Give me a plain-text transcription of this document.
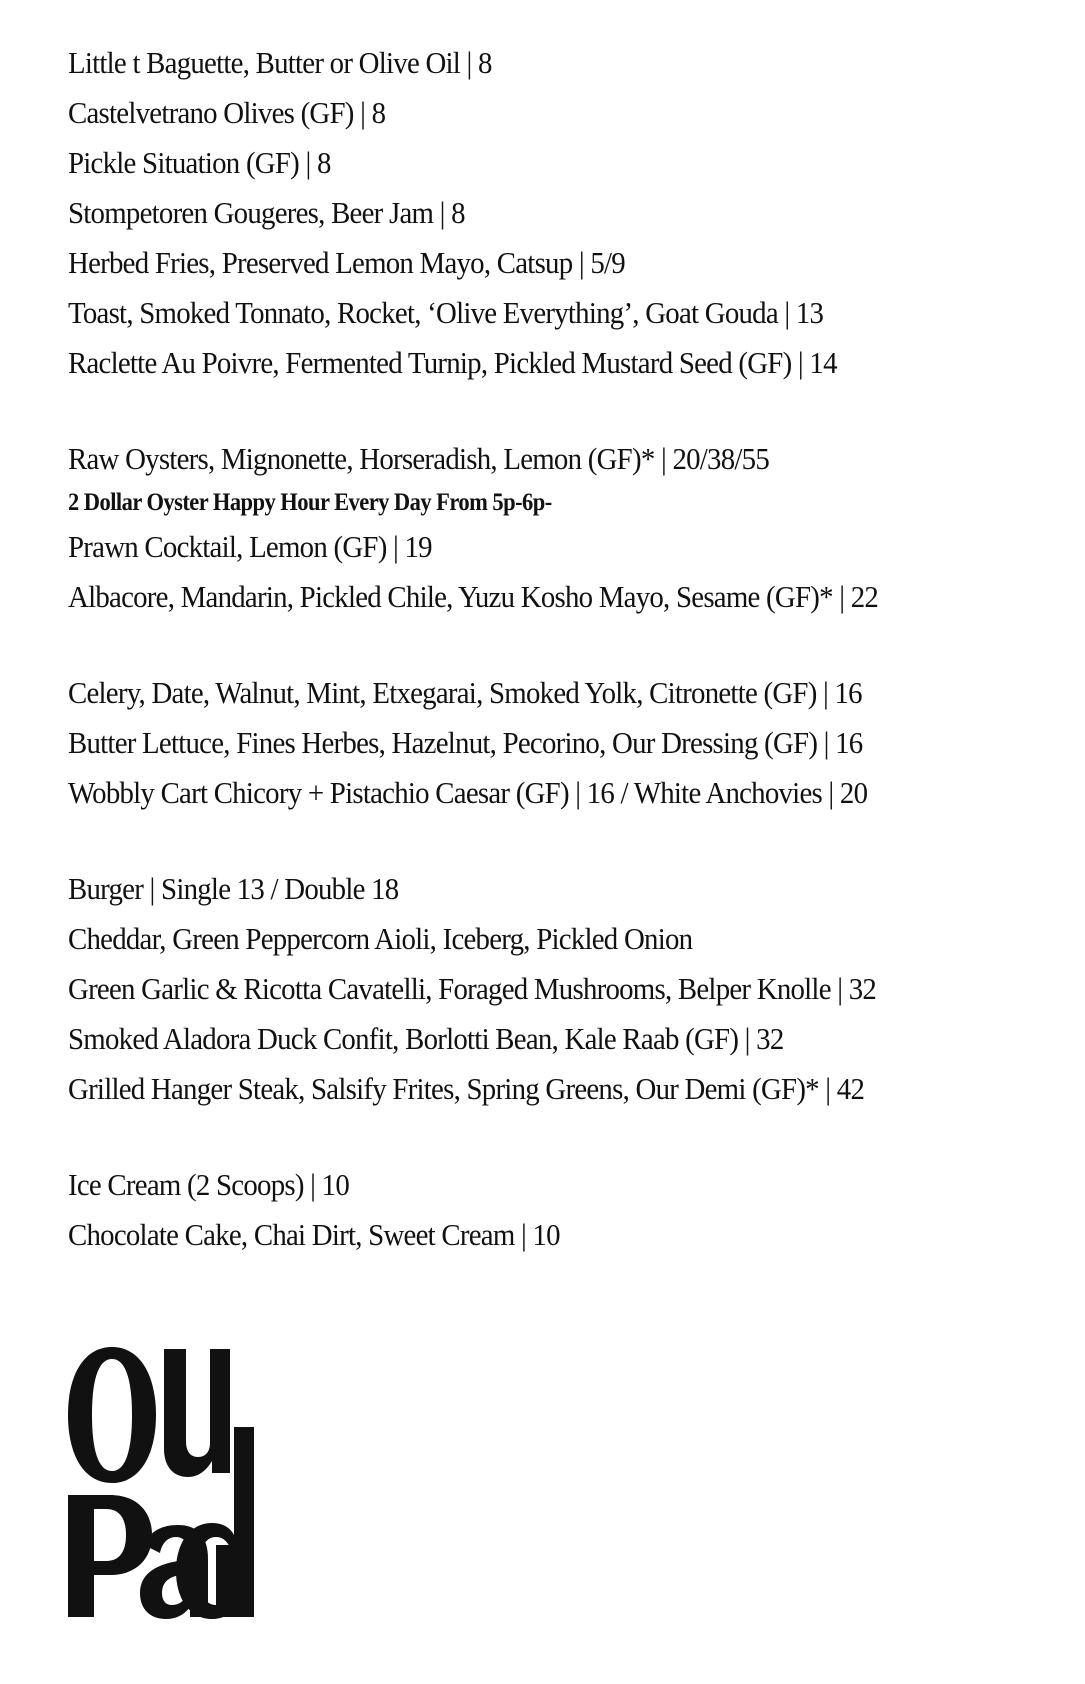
Little t Baguette, Butter or Olive Oil | 8
Castelvetrano Olives (GF) | 8
Pickle Situation (GF) | 8
Stompetoren Gougeres, Beer Jam | 8
Herbed Fries, Preserved Lemon Mayo, Catsup | 5/9
Toast, Smoked Tonnato, Rocket, ‘Olive Everything’, Goat Gouda | 13
Raclette Au Poivre, Fermented Turnip, Pickled Mustard Seed (GF) | 14
Raw Oysters, Mignonette, Horseradish, Lemon (GF)* | 20/38/55
2 Dollar Oyster Happy Hour Every Day From 5p-6p-
Prawn Cocktail, Lemon (GF) | 19
Albacore, Mandarin, Pickled Chile, Yuzu Kosho Mayo, Sesame (GF)* | 22
Celery, Date, Walnut, Mint, Etxegarai, Smoked Yolk, Citronette (GF) | 16
Butter Lettuce, Fines Herbes, Hazelnut, Pecorino, Our Dressing (GF) | 16
Wobbly Cart Chicory + Pistachio Caesar (GF) | 16 / White Anchovies | 20
Burger | Single 13 / Double 18
Cheddar, Green Peppercorn Aioli, Iceberg, Pickled Onion
Green Garlic & Ricotta Cavatelli, Foraged Mushrooms, Belper Knolle | 32
Smoked Aladora Duck Confit, Borlotti Bean, Kale Raab (GF) | 32
Grilled Hanger Steak, Salsify Frites, Spring Greens, Our Demi (GF)* | 42
Ice Cream (2 Scoops) | 10
Chocolate Cake, Chai Dirt, Sweet Cream | 10
